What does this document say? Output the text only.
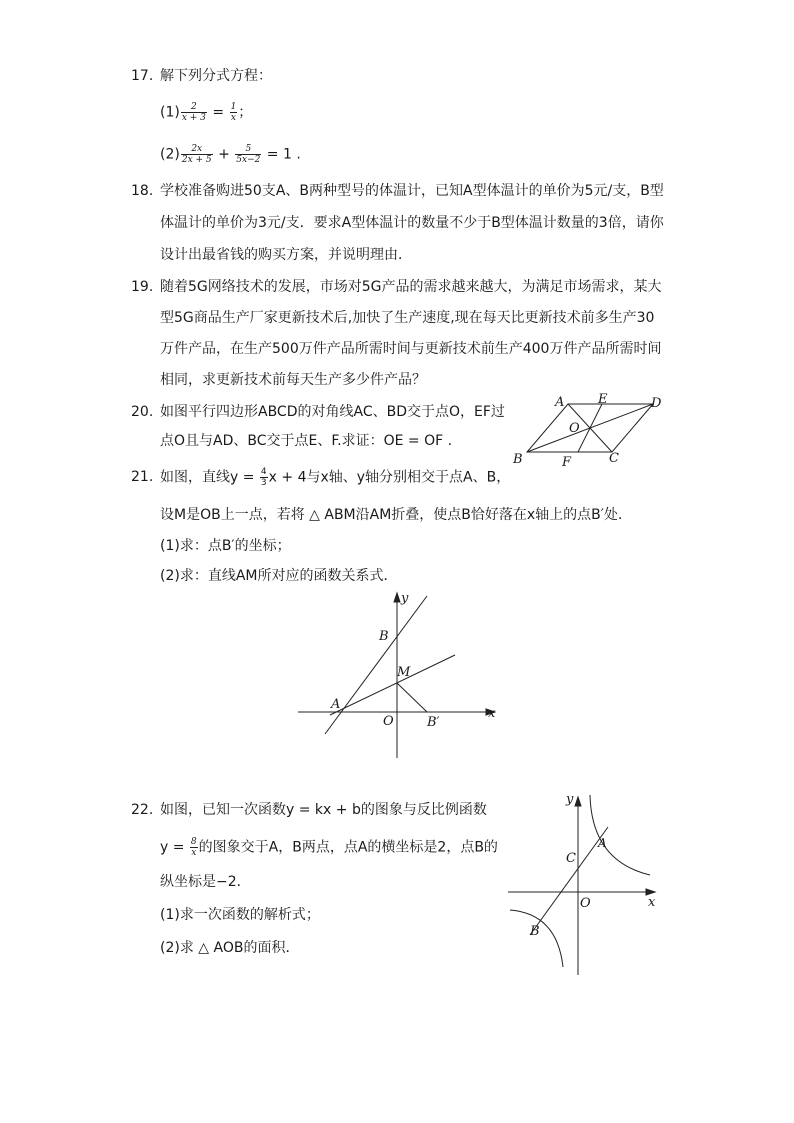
17. 解下列分式方程：
$(1) \frac{2}{x + 3} = \frac{1}{x}$ ；
$(2) \frac{2x}{2x + 5} + \frac{5}{5x-2} = 1$ .
18. 学校准备购进50支A、B两种型号的体温计，已知A型体温计的单价为5元/支，B型
体温计的单价为3元/支．要求A型体温计的数量不少于B型体温计数量的3倍，请你
设计出最省钱的购买方案，并说明理由．
19. 随着5G网络技术的发展，市场对5G产品的需求越来越大，为满足市场需求，某大
型5G商品生产厂家更新技术后,加快了生产速度,现在每天比更新技术前多生产30
万件产品，在生产500万件产品所需时间与更新技术前生产400万件产品所需时间
相同，求更新技术前每天生产多少件产品？
20. 如图平行四边形ABCD的对角线AC、BD交于点O，EF过
点O且与AD、BC交于点E、F.求证：OE = OF .
A	E	D
O
B	F	C
21. 如图，直线$y = \frac{4}{3}$ x + 4与x轴、y轴分别相交于点A、B，
设M是OB上一点，若将 △ ABM沿AM折叠，使点B恰好落在x轴上的点B′处．
(1)求：点B′的坐标；
(2)求：直线AM所对应的函数关系式．
y
x
B
M
A
O	B′
22. 如图，已知一次函数y = kx + b的图象与反比例函数
$y = \frac{8}{x}$ 的图象交于A，B两点，点A的横坐标是2，点B的
纵坐标是−2．
(1)求一次函数的解析式；
(2)求 △ AOB的面积．
y
x
A
C
O
B
